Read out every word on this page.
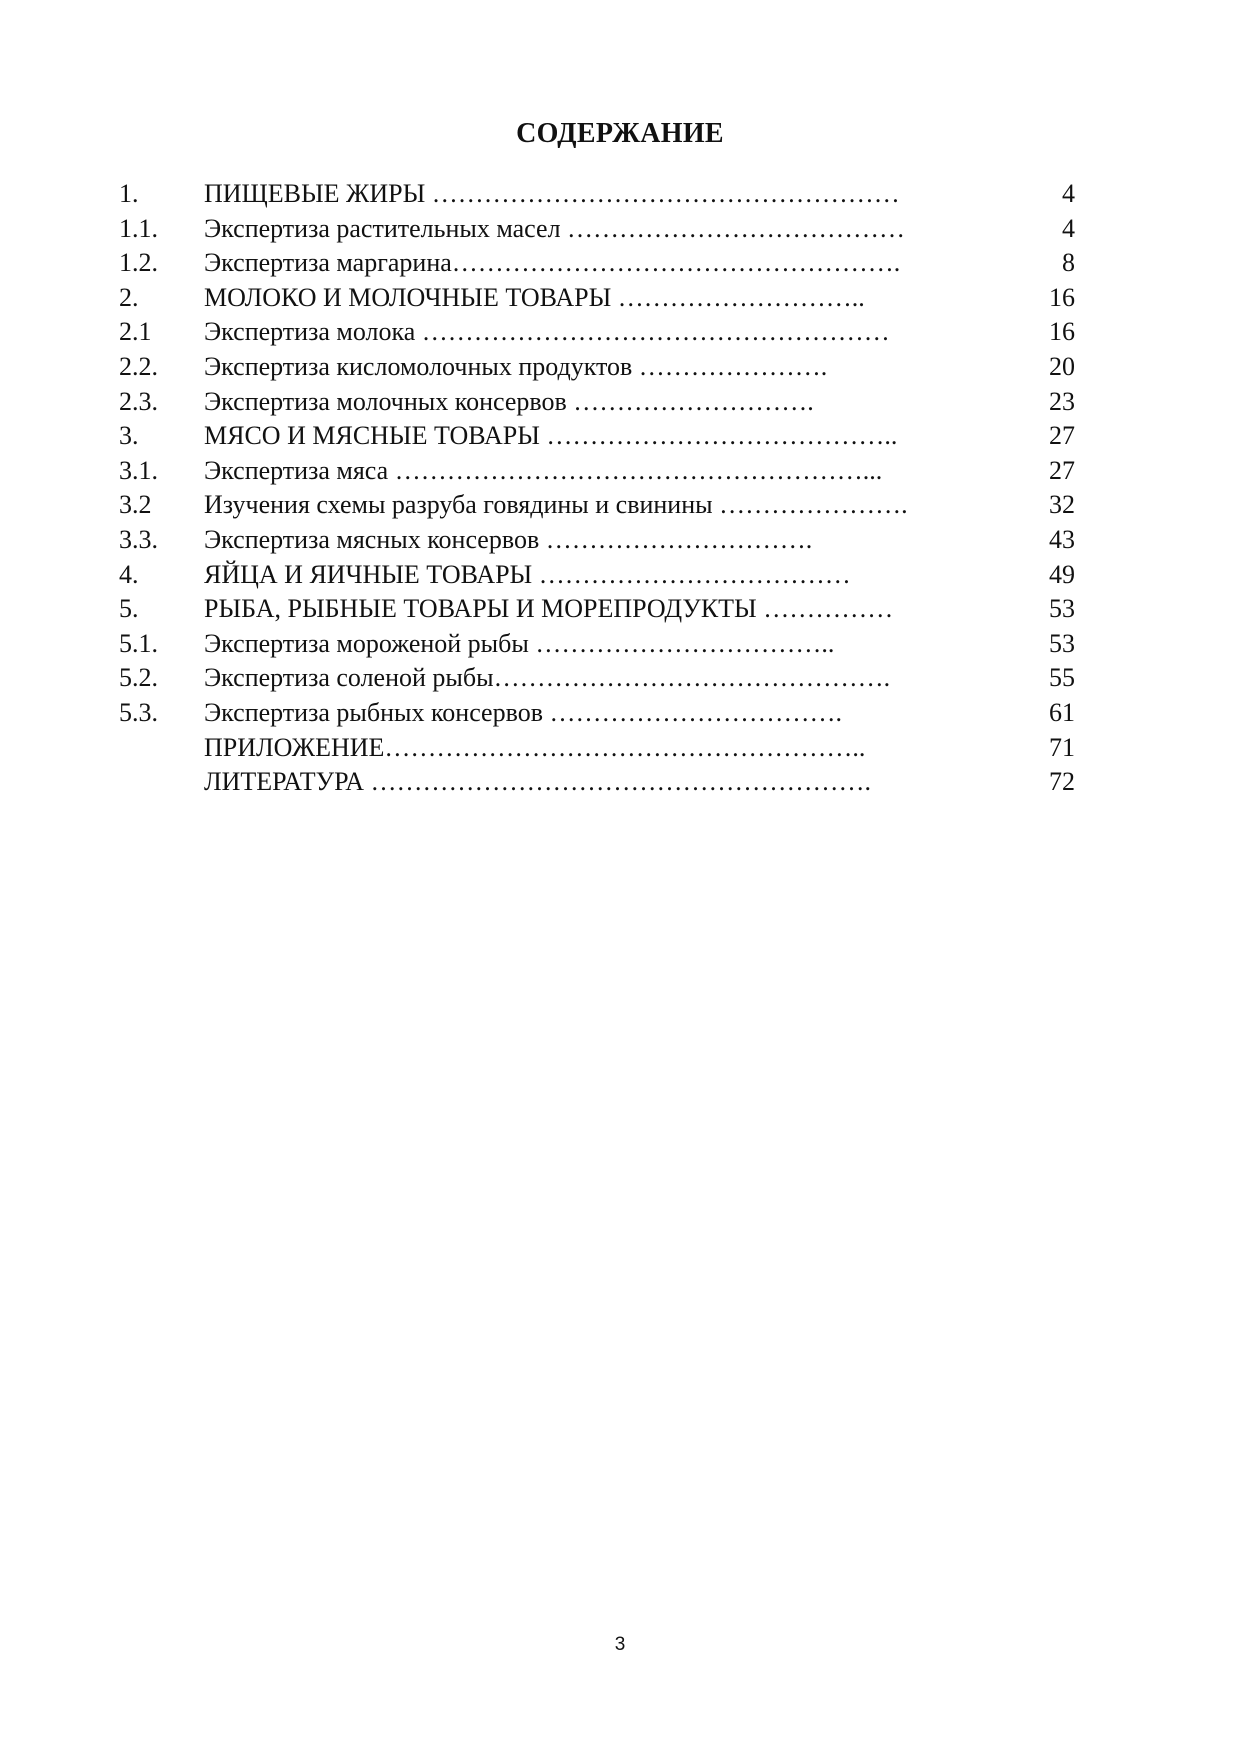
СОДЕРЖАНИЕ
1.	ПИЩЕВЫЕ ЖИРЫ ………………………………………………	4
1.1. Экспертиза растительных масел …………………………………	4
1.2. Экспертиза маргарина…………………………………………….	8
2.	МОЛОКО И МОЛОЧНЫЕ ТОВАРЫ ………………………..	16
2.1 Экспертиза молока ………………………………………………	16
2.2. Экспертиза кисломолочных продуктов ………………….	20
2.3. Экспертиза молочных консервов ……………………….	23
3.	МЯСО И МЯСНЫЕ ТОВАРЫ …………………………………..	27
3.1. Экспертиза мяса ………………………………………………...	27
3.2 Изучения схемы разруба говядины и свинины ………………….	32
3.3. Экспертиза мясных консервов ………………………….	43
4.	ЯЙЦА И ЯИЧНЫЕ ТОВАРЫ ………………………………	49
5.	РЫБА, РЫБНЫЕ ТОВАРЫ И МОРЕПРОДУКТЫ ……………	53
5.1. Экспертиза мороженой рыбы ……………………………..	53
5.2. Экспертиза соленой рыбы……………………………………….	55
5.3. Экспертиза рыбных консервов …………………………….	61
ПРИЛОЖЕНИЕ………………………………………………..	71
ЛИТЕРАТУРА ………………………………………………….	72
3
